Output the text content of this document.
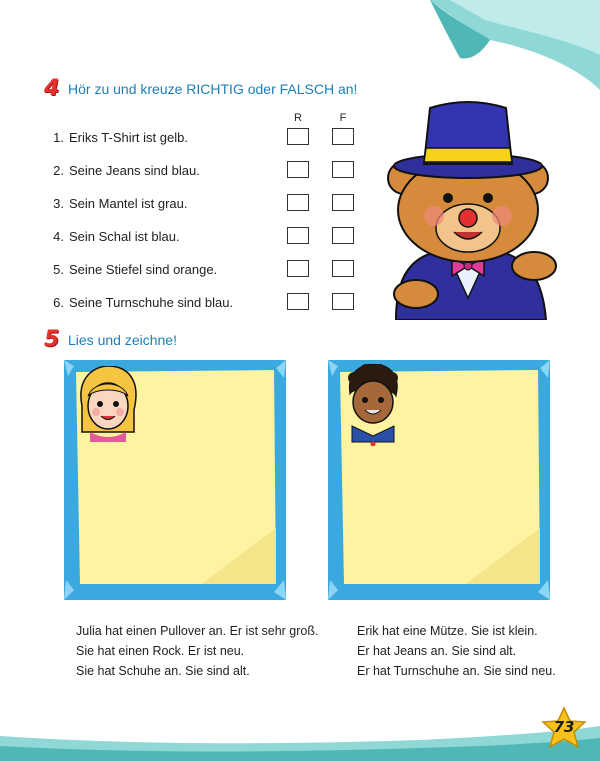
4 Hör zu und kreuze RICHTIG oder FALSCH an!
R	F
1. Eriks T-Shirt ist gelb.
2. Seine Jeans sind blau.
3. Sein Mantel ist grau.
4. Sein Schal ist blau.
5. Seine Stiefel sind orange.
6. Seine Turnschuhe sind blau.
5 Lies und zeichne!
Julia hat einen Pullover an. Er ist sehr groß.
Sie hat einen Rock. Er ist neu.
Sie hat Schuhe an. Sie sind alt.
Erik hat eine Mütze. Sie ist klein.
Er hat Jeans an. Sie sind alt.
Er hat Turnschuhe an. Sie sind neu.
73
